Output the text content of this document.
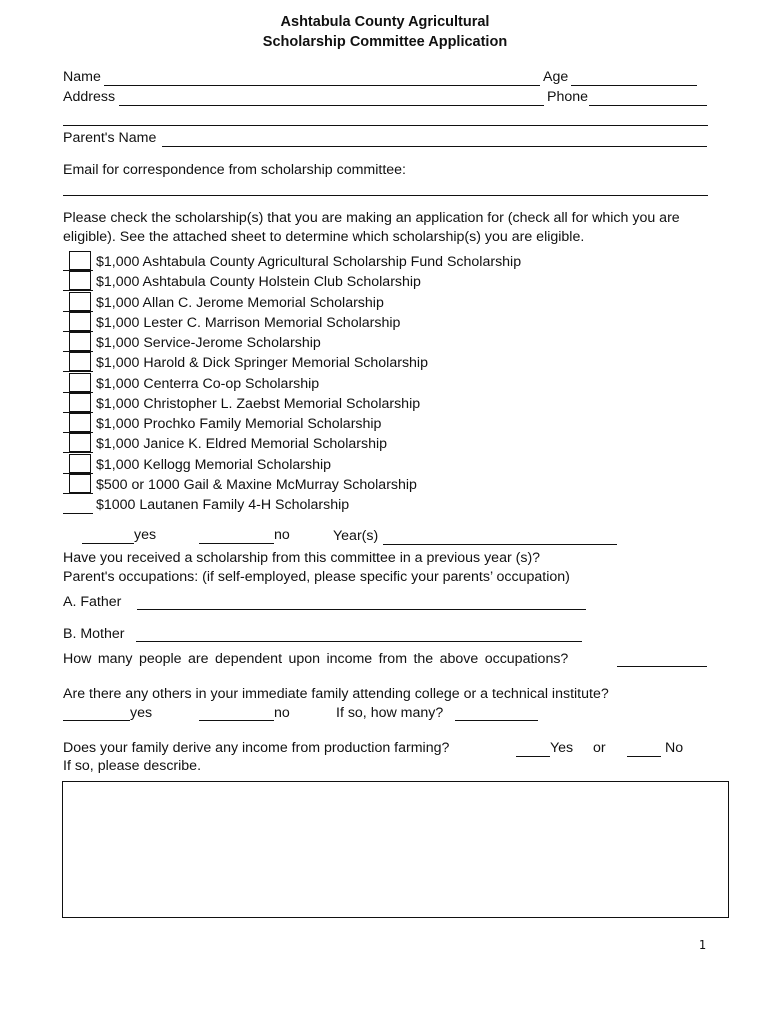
Ashtabula County Agricultural
Scholarship Committee Application
Name	Age
Address	Phone
Parent's Name
Email for correspondence from scholarship committee:
Please check the scholarship(s) that you are making an application for (check all for which you are eligible). See the attached sheet to determine which scholarship(s) you are eligible.
$1,000 Ashtabula County Agricultural Scholarship Fund Scholarship
$1,000 Ashtabula County Holstein Club Scholarship
$1,000 Allan C. Jerome Memorial Scholarship
$1,000 Lester C. Marrison Memorial Scholarship
$1,000 Service-Jerome Scholarship
$1,000 Harold & Dick Springer Memorial Scholarship
$1,000 Centerra Co-op Scholarship
$1,000 Christopher L. Zaebst Memorial Scholarship
$1,000 Prochko Family Memorial Scholarship
$1,000 Janice K. Eldred Memorial Scholarship
$1,000 Kellogg Memorial Scholarship
$500 or 1000 Gail & Maxine McMurray Scholarship
$1000 Lautanen Family 4-H Scholarship
yes	no	Year(s)
Have you received a scholarship from this committee in a previous year (s)?
Parent's occupations: (if self-employed, please specific your parents’ occupation)
A. Father
B. Mother
How many people are dependent upon income from the above occupations?
Are there any others in your immediate family attending college or a technical institute?
yes	no	If so, how many?
Does your family derive any income from production farming?	Yes or	No
If so, please describe.
1
